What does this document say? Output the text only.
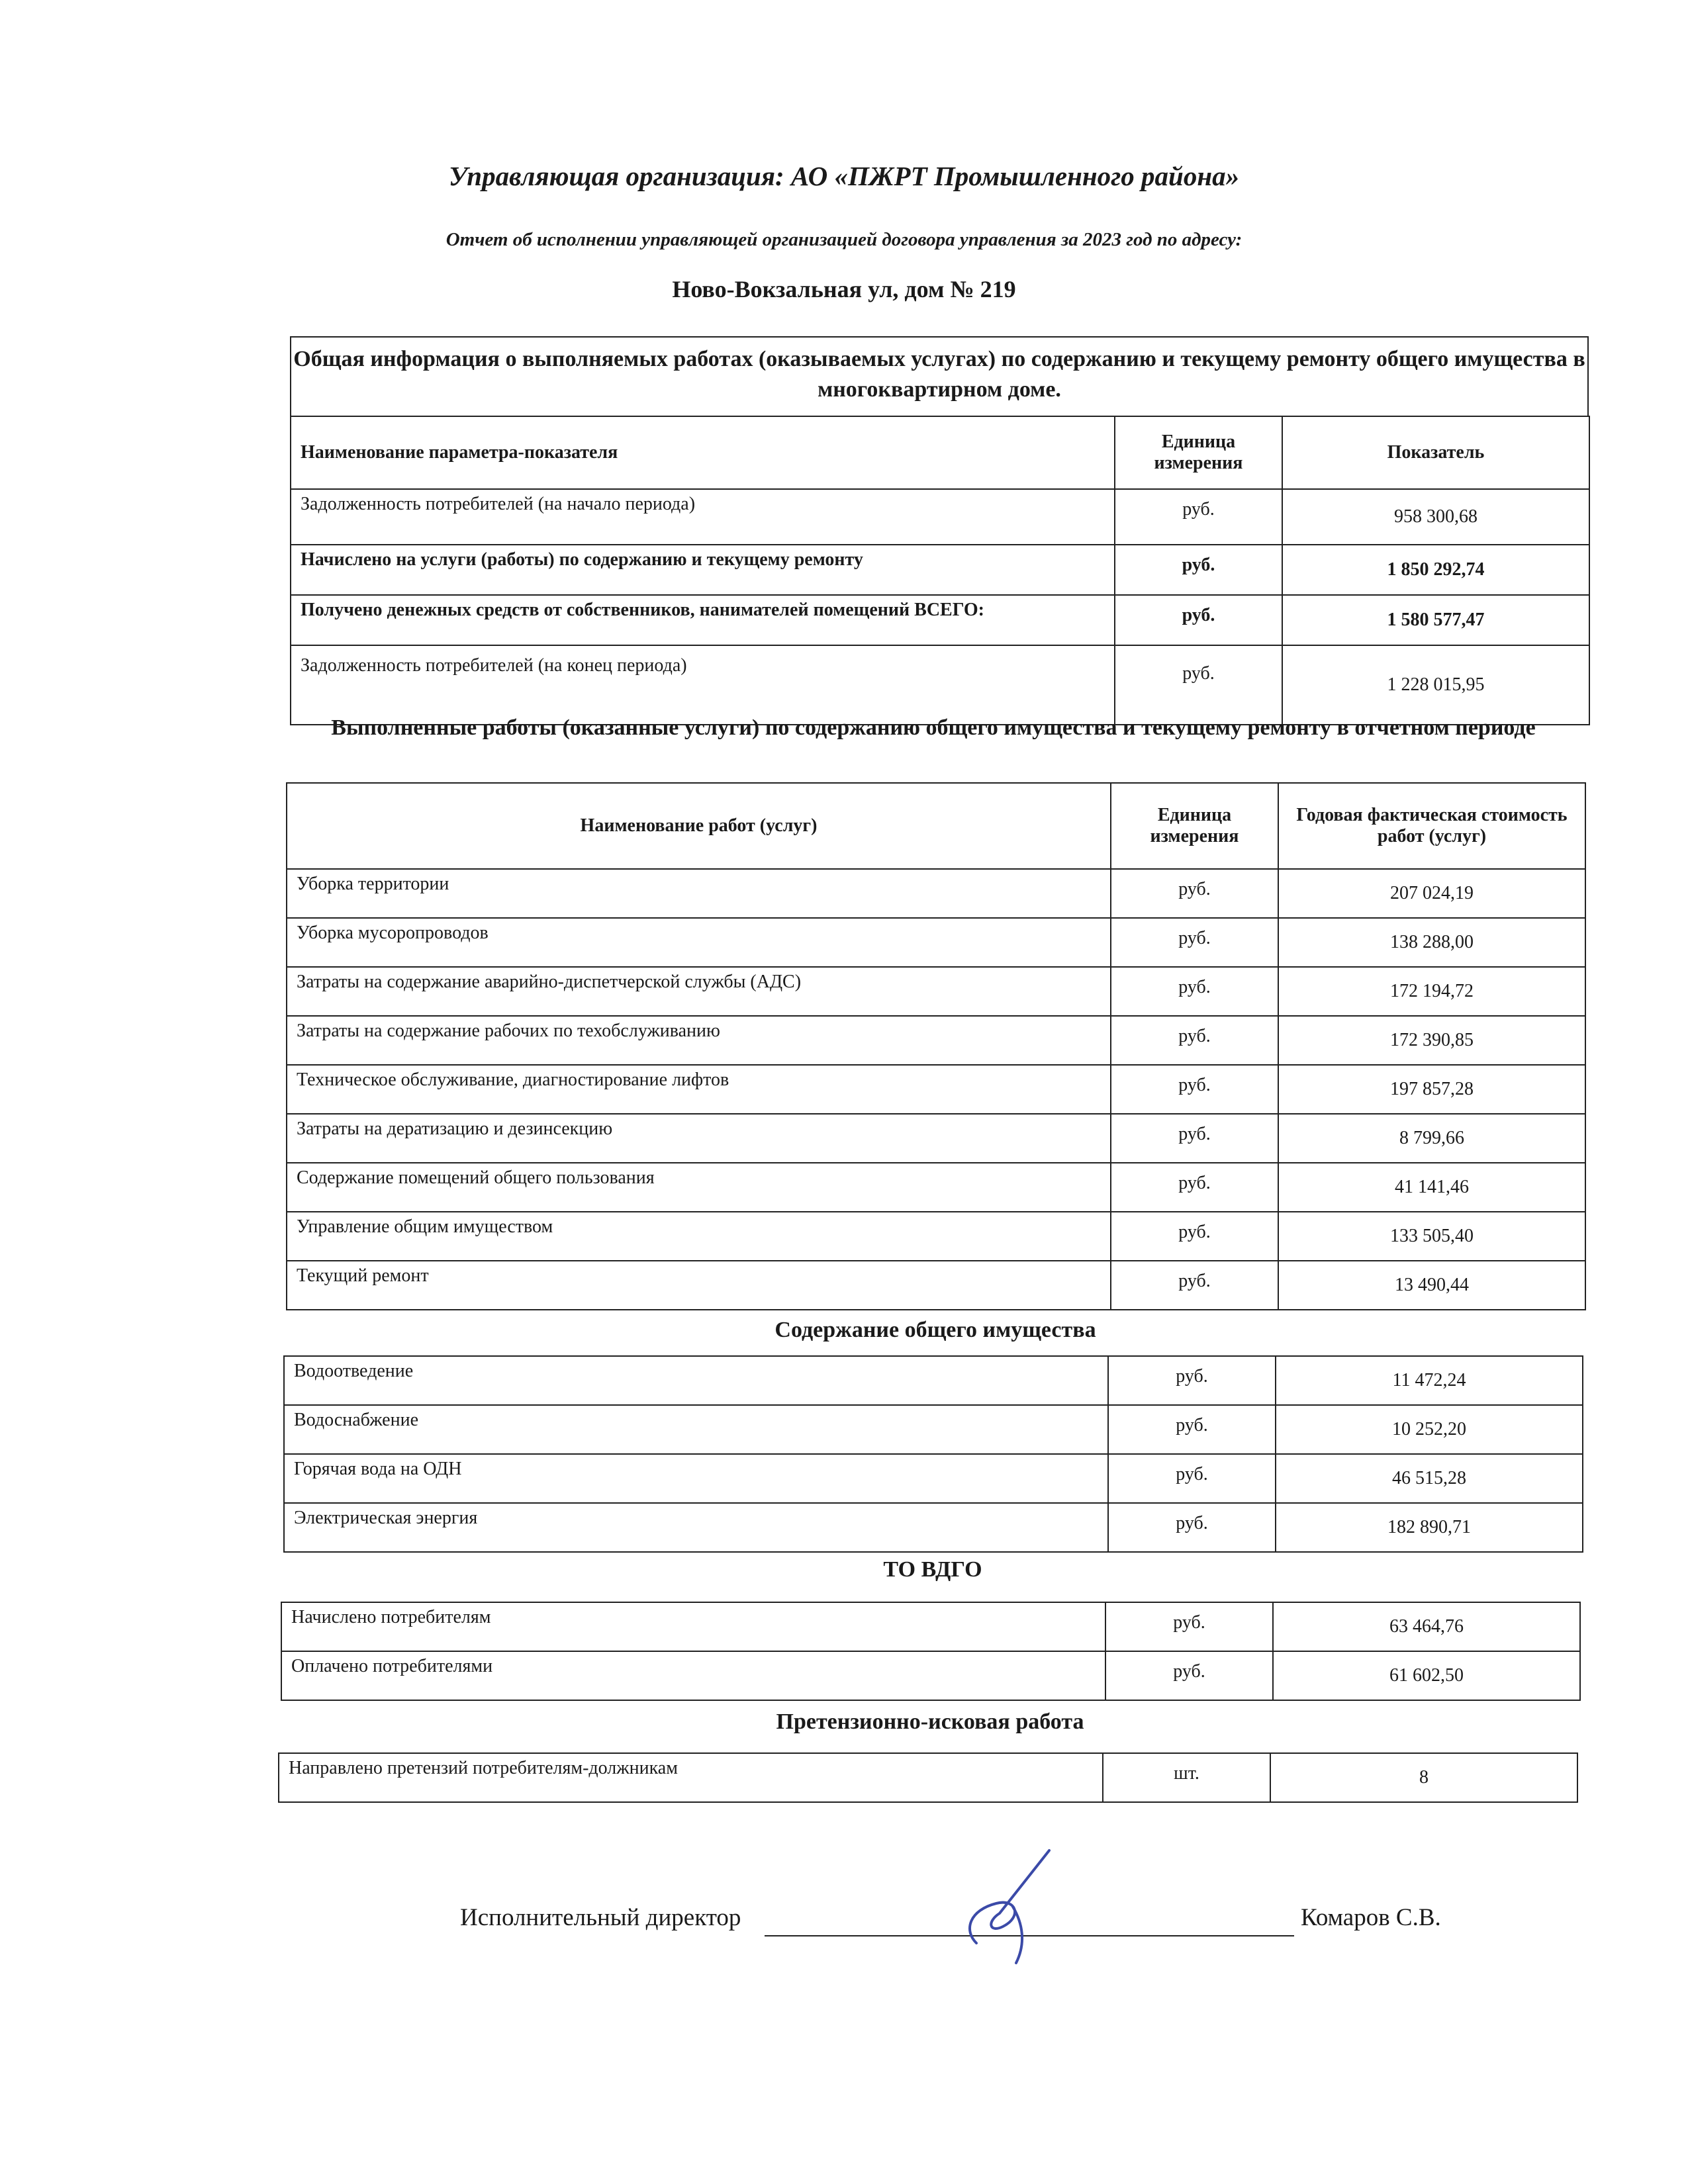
Управляющая организация: АО «ПЖРТ Промышленного района»
Отчет об исполнении управляющей организацией договора управления за 2023 год по адресу:
Ново-Вокзальная ул, дом № 219
Общая информация о выполняемых работах (оказываемых услугах) по содержанию и текущему ремонту общего имущества в многоквартирном доме.
Наименование параметра-показателя	Единица измерения	Показатель
Задолженность потребителей (на начало периода)	руб.	958 300,68
Начислено на услуги (работы) по содержанию и текущему ремонту	руб.	1 850 292,74
Получено денежных средств от собственников, нанимателей помещений ВСЕГО:	руб.	1 580 577,47
Задолженность потребителей (на конец периода)	руб.	1 228 015,95
Выполненные работы (оказанные услуги) по содержанию общего имущества и текущему ремонту в отчетном периоде
Наименование работ (услуг)	Единица измерения	Годовая фактическая стоимость работ (услуг)
Уборка территории	руб.	207 024,19
Уборка мусоропроводов	руб.	138 288,00
Затраты на содержание аварийно-диспетчерской службы (АДС)	руб.	172 194,72
Затраты на содержание рабочих по техобслуживанию	руб.	172 390,85
Техническое обслуживание, диагностирование лифтов	руб.	197 857,28
Затраты на дератизацию и дезинсекцию	руб.	8 799,66
Содержание помещений общего пользования	руб.	41 141,46
Управление общим имуществом	руб.	133 505,40
Текущий ремонт	руб.	13 490,44
Содержание общего имущества
Водоотведение	руб.	11 472,24
Водоснабжение	руб.	10 252,20
Горячая вода на ОДН	руб.	46 515,28
Электрическая энергия	руб.	182 890,71
ТО ВДГО
Начислено потребителям	руб.	63 464,76
Оплачено потребителями	руб.	61 602,50
Претензионно-исковая работа
Направлено претензий потребителям-должникам	шт.	8
Исполнительный директор	Комаров С.В.
